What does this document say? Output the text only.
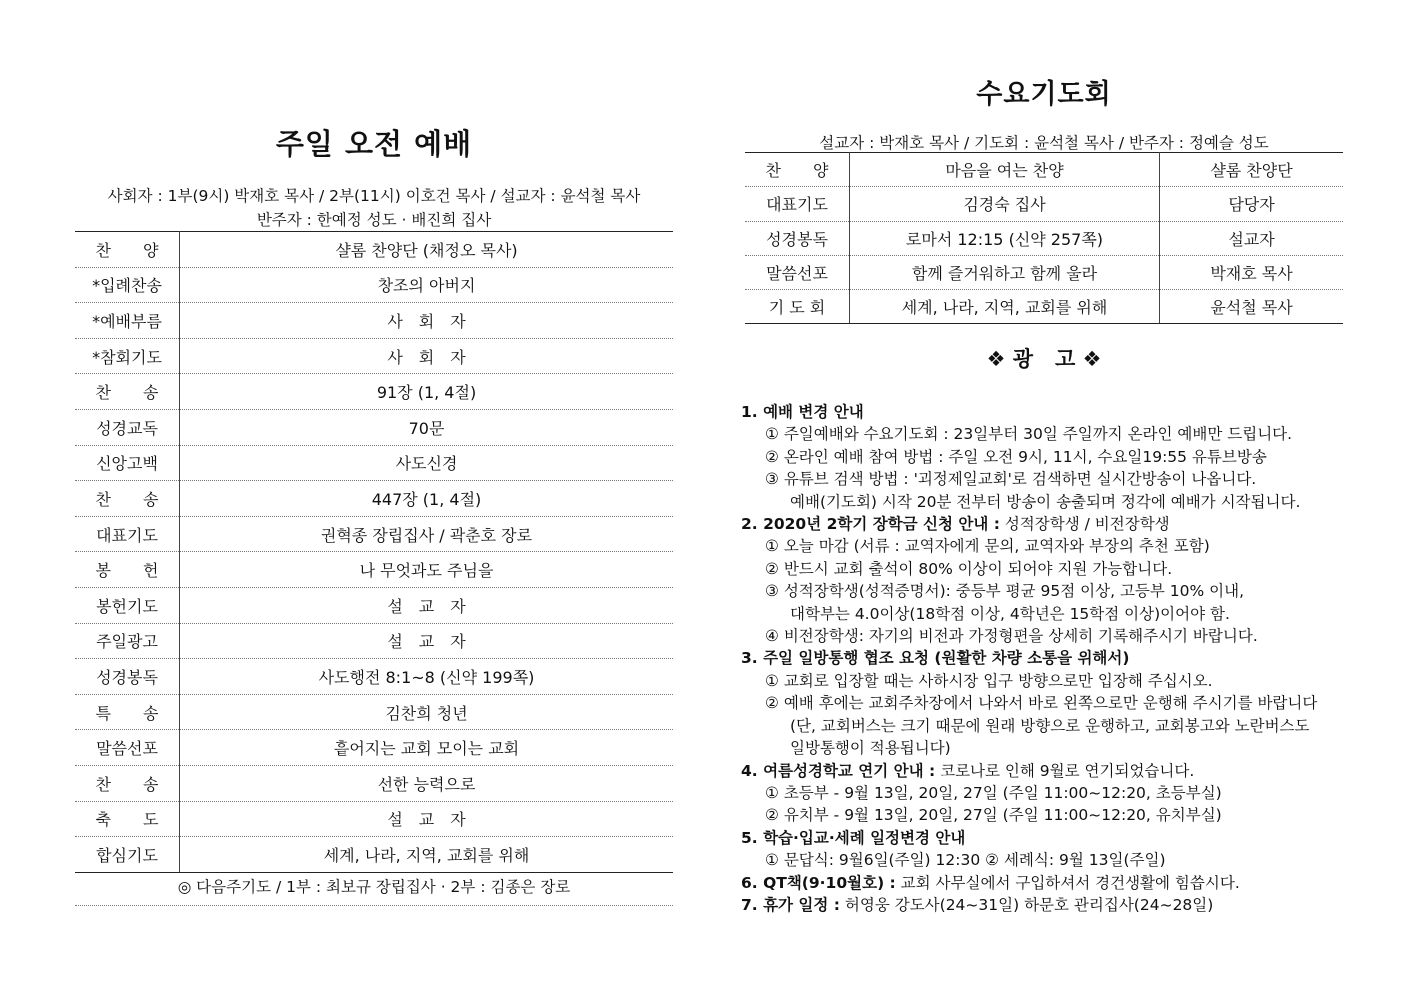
주일 오전 예배
사회자 : 1부(9시) 박재호 목사 / 2부(11시) 이호건 목사 / 설교자 : 윤석철 목사
반주자 : 한예정 성도 · 배진희 집사
찬　　양	샬롬 찬양단 (채정오 목사)
*입례찬송	창조의 아버지
*예배부름	사　회　자
*참회기도	사　회　자
찬　　송	91장 (1, 4절)
성경교독	70문
신앙고백	사도신경
찬　　송	447장 (1, 4절)
대표기도	권혁종 장립집사 / 곽춘호 장로
봉　　헌	나 무엇과도 주님을
봉헌기도	설　교　자
주일광고	설　교　자
성경봉독	사도행전 8:1~8 (신약 199쪽)
특　　송	김찬희 청년
말씀선포	흩어지는 교회 모이는 교회
찬　　송	선한 능력으로
축　　도	설　교　자
합심기도	세계, 나라, 지역, 교회를 위해
◎ 다음주기도 / 1부 : 최보규 장립집사 · 2부 : 김종은 장로
수요기도회
설교자 : 박재호 목사 / 기도회 : 윤석철 목사 / 반주자 : 정예슬 성도
찬　　양	마음을 여는 찬양	샬롬 찬양단
대표기도	김경숙 집사	담당자
성경봉독	로마서 12:15 (신약 257쪽)	설교자
말씀선포	함께 즐거워하고 함께 울라	박재호 목사
기 도 회	세계, 나라, 지역, 교회를 위해	윤석철 목사
❖ 광 고 ❖
1. 예배 변경 안내
① 주일예배와 수요기도회 : 23일부터 30일 주일까지 온라인 예배만 드립니다.
② 온라인 예배 참여 방법 : 주일 오전 9시, 11시, 수요일19:55 유튜브방송
③ 유튜브 검색 방법 : '괴정제일교회'로 검색하면 실시간방송이 나옵니다.
예배(기도회) 시작 20분 전부터 방송이 송출되며 정각에 예배가 시작됩니다.
2. 2020년 2학기 장학금 신청 안내 : 성적장학생 / 비전장학생
① 오늘 마감 (서류 : 교역자에게 문의, 교역자와 부장의 추천 포함)
② 반드시 교회 출석이 80% 이상이 되어야 지원 가능합니다.
③ 성적장학생(성적증명서): 중등부 평균 95점 이상, 고등부 10% 이내,
대학부는 4.0이상(18학점 이상, 4학년은 15학점 이상)이어야 함.
④ 비전장학생: 자기의 비전과 가정형편을 상세히 기록해주시기 바랍니다.
3. 주일 일방통행 협조 요청 (원활한 차량 소통을 위해서)
① 교회로 입장할 때는 사하시장 입구 방향으로만 입장해 주십시오.
② 예배 후에는 교회주차장에서 나와서 바로 왼쪽으로만 운행해 주시기를 바랍니다
(단, 교회버스는 크기 때문에 원래 방향으로 운행하고, 교회봉고와 노란버스도
일방통행이 적용됩니다)
4. 여름성경학교 연기 안내 : 코로나로 인해 9월로 연기되었습니다.
① 초등부 - 9월 13일, 20일, 27일 (주일 11:00~12:20, 초등부실)
② 유치부 - 9월 13일, 20일, 27일 (주일 11:00~12:20, 유치부실)
5. 학습·입교·세례 일정변경 안내
① 문답식: 9월6일(주일) 12:30 ② 세례식: 9월 13일(주일)
6. QT책(9·10월호) : 교회 사무실에서 구입하셔서 경건생활에 힘씁시다.
7. 휴가 일정 : 허영웅 강도사(24~31일) 하문호 관리집사(24~28일)
